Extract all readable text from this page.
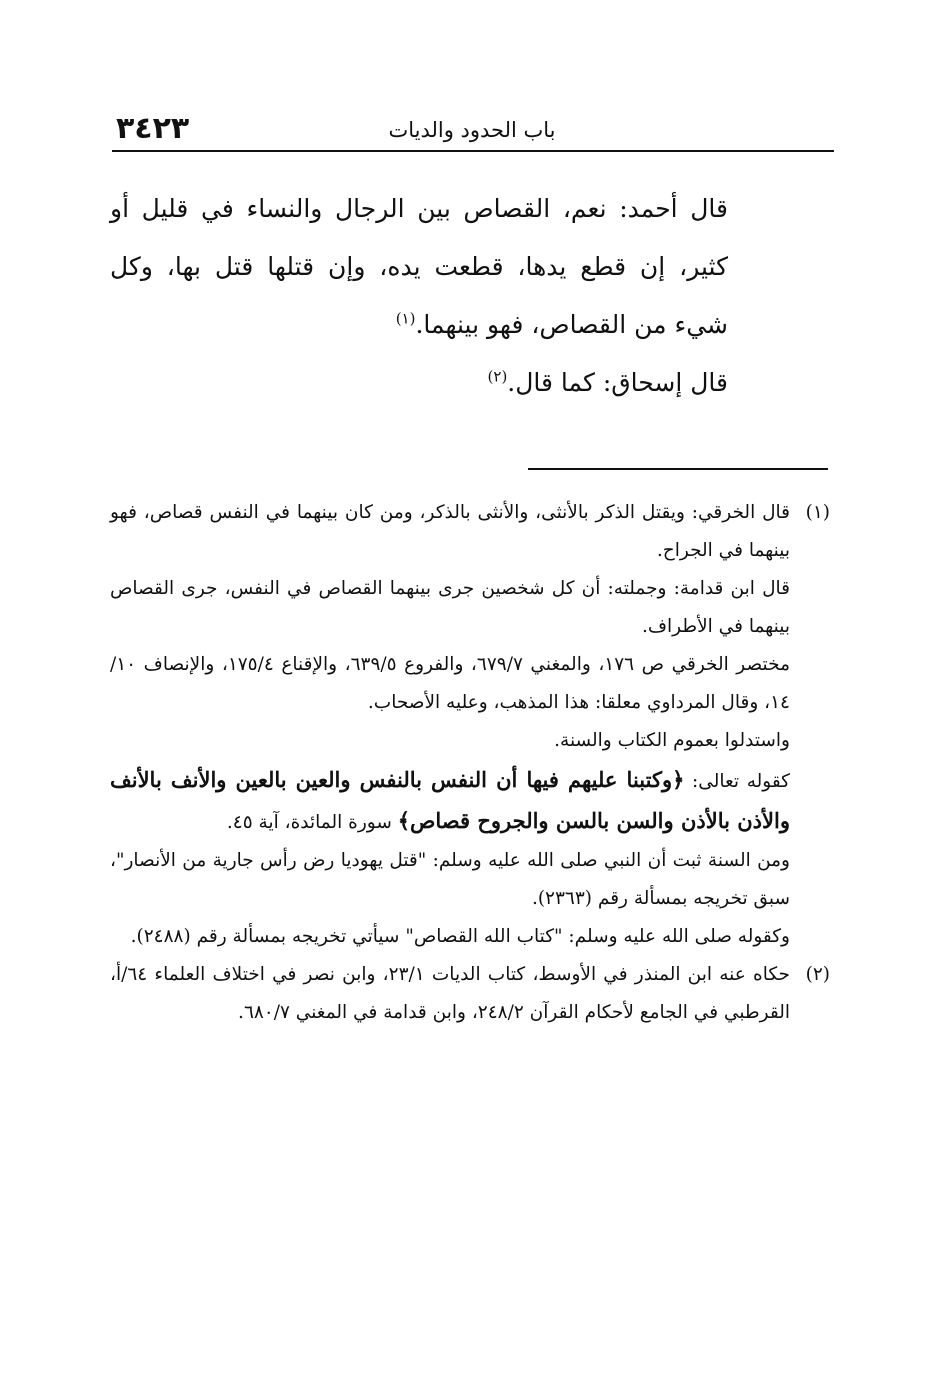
٣٤٢٣	باب الحدود والديات

قال أحمد: نعم، القصاص بين الرجال والنساء في قليل أو كثير، إن قطع يدها، قطعت يده، وإن قتلها قتل بها، وكل شيء من القصاص، فهو بينهما.$^{(١)}$

قال إسحاق: كما قال.$^{(٢)}$

(١)

قال الخرقي: ويقتل الذكر بالأنثى، والأنثى بالذكر، ومن كان بينهما في النفس قصاص، فهو بينهما في الجراح.

قال ابن قدامة: وجملته: أن كل شخصين جرى بينهما القصاص في النفس، جرى القصاص بينهما في الأطراف.

مختصر الخرقي ص ١٧٦، والمغني ٦٧٩/٧، والفروع ٦٣٩/٥، والإقناع ١٧٥/٤، والإنصاف ١٠/ ١٤، وقال المرداوي معلقا: هذا المذهب، وعليه الأصحاب.

واستدلوا بعموم الكتاب والسنة.

كقوله تعالى: ﴿وكتبنا عليهم فيها أن النفس بالنفس والعين بالعين والأنف بالأنف والأذن بالأذن والسن بالسن والجروح قصاص﴾ سورة المائدة، آية ٤٥.

ومن السنة ثبت أن النبي صلى الله عليه وسلم: "قتل يهوديا رض رأس جارية من الأنصار"، سبق تخريجه بمسألة رقم (٢٣٦٣).

وكقوله صلى الله عليه وسلم: "كتاب الله القصاص" سيأتي تخريجه بمسألة رقم (٢٤٨٨).

(٢)

حكاه عنه ابن المنذر في الأوسط، كتاب الديات ٢٣/١، وابن نصر في اختلاف العلماء ٦٤/أ، القرطبي في الجامع لأحكام القرآن ٢٤٨/٢، وابن قدامة في المغني ٦٨٠/٧.
